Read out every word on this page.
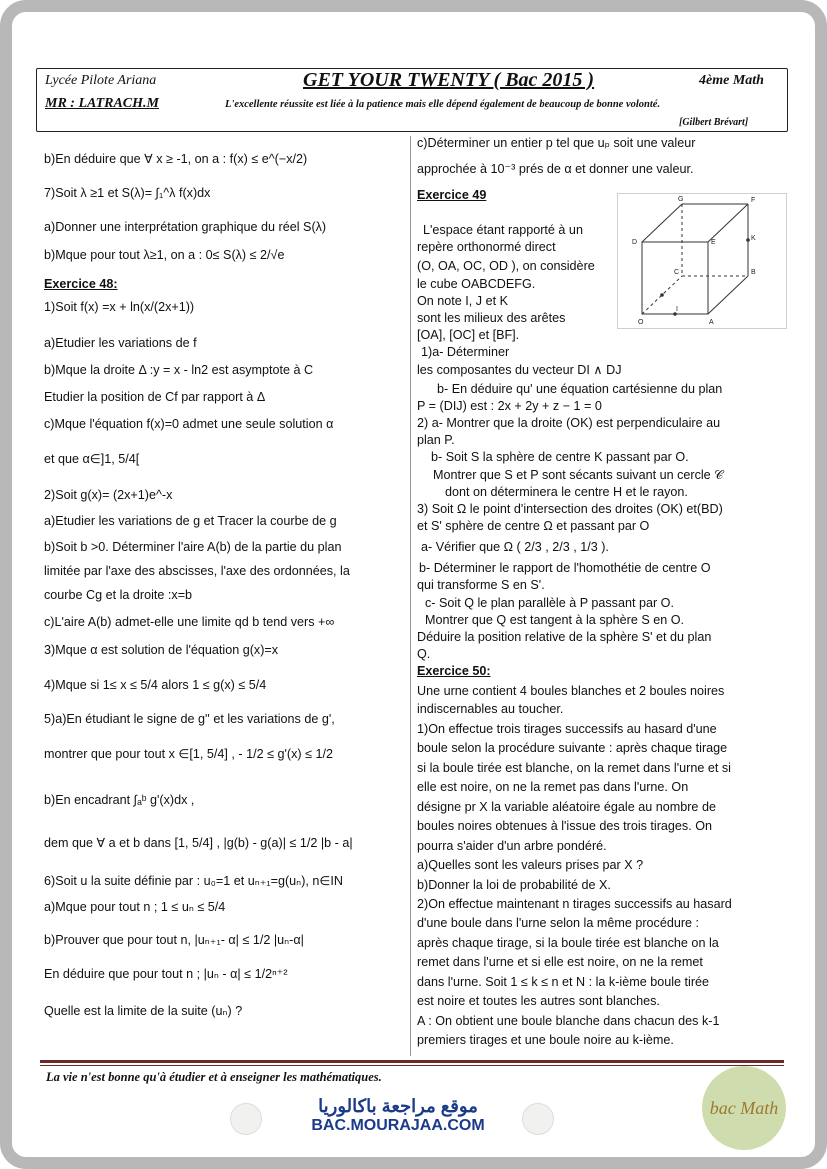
Lycée Pilote Ariana	GET YOUR TWENTY ( Bac 2015 )	4ème Math
MR : LATRACH.M	L'excellente réussite est liée à la patience mais elle dépend également de beaucoup de bonne volonté.
[Gilbert Brévart]

b)En déduire que ∀ x ≥ -1, on a : f(x) ≤ e^(−x/2)

7)Soit λ ≥1 et S(λ)= ∫₁^λ f(x)dx

a)Donner une interprétation graphique du réel S(λ)

b)Mque pour tout λ≥1, on a : 0≤ S(λ) ≤ 2/√e

Exercice 48:

1)Soit f(x) =x + ln(x/(2x+1))

a)Etudier les variations de f

b)Mque la droite Δ :y = x - ln2 est asymptote à C

Etudier la position de Cf par rapport à Δ

c)Mque l'équation f(x)=0 admet une seule solution α

et que α∈]1, 5/4[

2)Soit g(x)= (2x+1)e^-x

a)Etudier les variations de g et Tracer la courbe de g

b)Soit b >0. Déterminer l'aire A(b) de la partie du plan

limitée par l'axe des abscisses, l'axe des ordonnées, la

courbe Cg et la droite :x=b

c)L'aire A(b) admet-elle une limite qd b tend vers +∞

3)Mque α est solution de l'équation g(x)=x

4)Mque si 1≤ x ≤ 5/4 alors 1 ≤ g(x) ≤ 5/4

5)a)En étudiant le signe de g'' et les variations de g',

montrer que pour tout x ∈[1, 5/4] , - 1/2 ≤ g'(x) ≤ 1/2

b)En encadrant ∫ₐᵇ g'(x)dx ,

dem que ∀ a et b dans [1, 5/4] , |g(b) - g(a)| ≤ 1/2 |b - a|

6)Soit u la suite définie par : u₀=1 et uₙ₊₁=g(uₙ), n∈IN

a)Mque pour tout n ; 1 ≤ uₙ ≤ 5/4

b)Prouver que pour tout n, |uₙ₊₁- α| ≤ 1/2 |uₙ-α|

En déduire que pour tout n ; |uₙ - α| ≤ 1/2ⁿ⁺²

Quelle est la limite de la suite (uₙ) ?

c)Déterminer un entier p tel que uₚ soit une valeur

approchée à 10⁻³ prés de α et donner une valeur.

G	F
D	E
K
C	B
O
I
A

Exercice 49

L'espace étant rapporté à un

repère orthonormé direct

(O, OA, OC, OD ), on considère

le cube OABCDEFG.

On note I, J et K

sont les milieux des arêtes

[OA], [OC] et [BF].

1)a- Déterminer

les composantes du vecteur DI ∧ DJ

b- En déduire qu' une équation cartésienne du plan

P = (DIJ) est : 2x + 2y + z − 1 = 0

2) a- Montrer que la droite (OK) est perpendiculaire au

plan P.

b- Soit S la sphère de centre K passant par O.

Montrer que S et P sont sécants suivant un cercle 𝒞

dont on déterminera le centre H et le rayon.

3) Soit Ω le point d'intersection des droites (OK) et(BD)

et S' sphère de centre Ω et passant par O

a- Vérifier que Ω ( 2/3 , 2/3 , 1/3 ).

b- Déterminer le rapport de l'homothétie de centre O

qui transforme S en S'.

c- Soit Q le plan parallèle à P passant par O.

Montrer que Q est tangent à la sphère S en O.

Déduire la position relative de la sphère S' et du plan

Q.

Exercice 50:

Une urne contient 4 boules blanches et 2 boules noires

indiscernables au toucher.

1)On effectue trois tirages successifs au hasard d'une

boule selon la procédure suivante : après chaque tirage

si la boule tirée est blanche, on la remet dans l'urne et si

elle est noire, on ne la remet pas dans l'urne. On

désigne pr X la variable aléatoire égale au nombre de

boules noires obtenues à l'issue des trois tirages. On

pourra s'aider d'un arbre pondéré.

a)Quelles sont les valeurs prises par X ?

b)Donner la loi de probabilité de X.

2)On effectue maintenant n tirages successifs au hasard

d'une boule dans l'urne selon la même procédure :

après chaque tirage, si la boule tirée est blanche on la

remet dans l'urne et si elle est noire, on ne la remet

dans l'urne. Soit 1 ≤ k ≤ n et N : la k-ième boule tirée

est noire et toutes les autres sont blanches.

A : On obtient une boule blanche dans chacun des k-1

premiers tirages et une boule noire au k-ième.

La vie n'est bonne qu'à étudier et à enseigner les mathématiques.
موقع مراجعة باكالوريا
BAC.MOURAJAA.COM
bac Math
